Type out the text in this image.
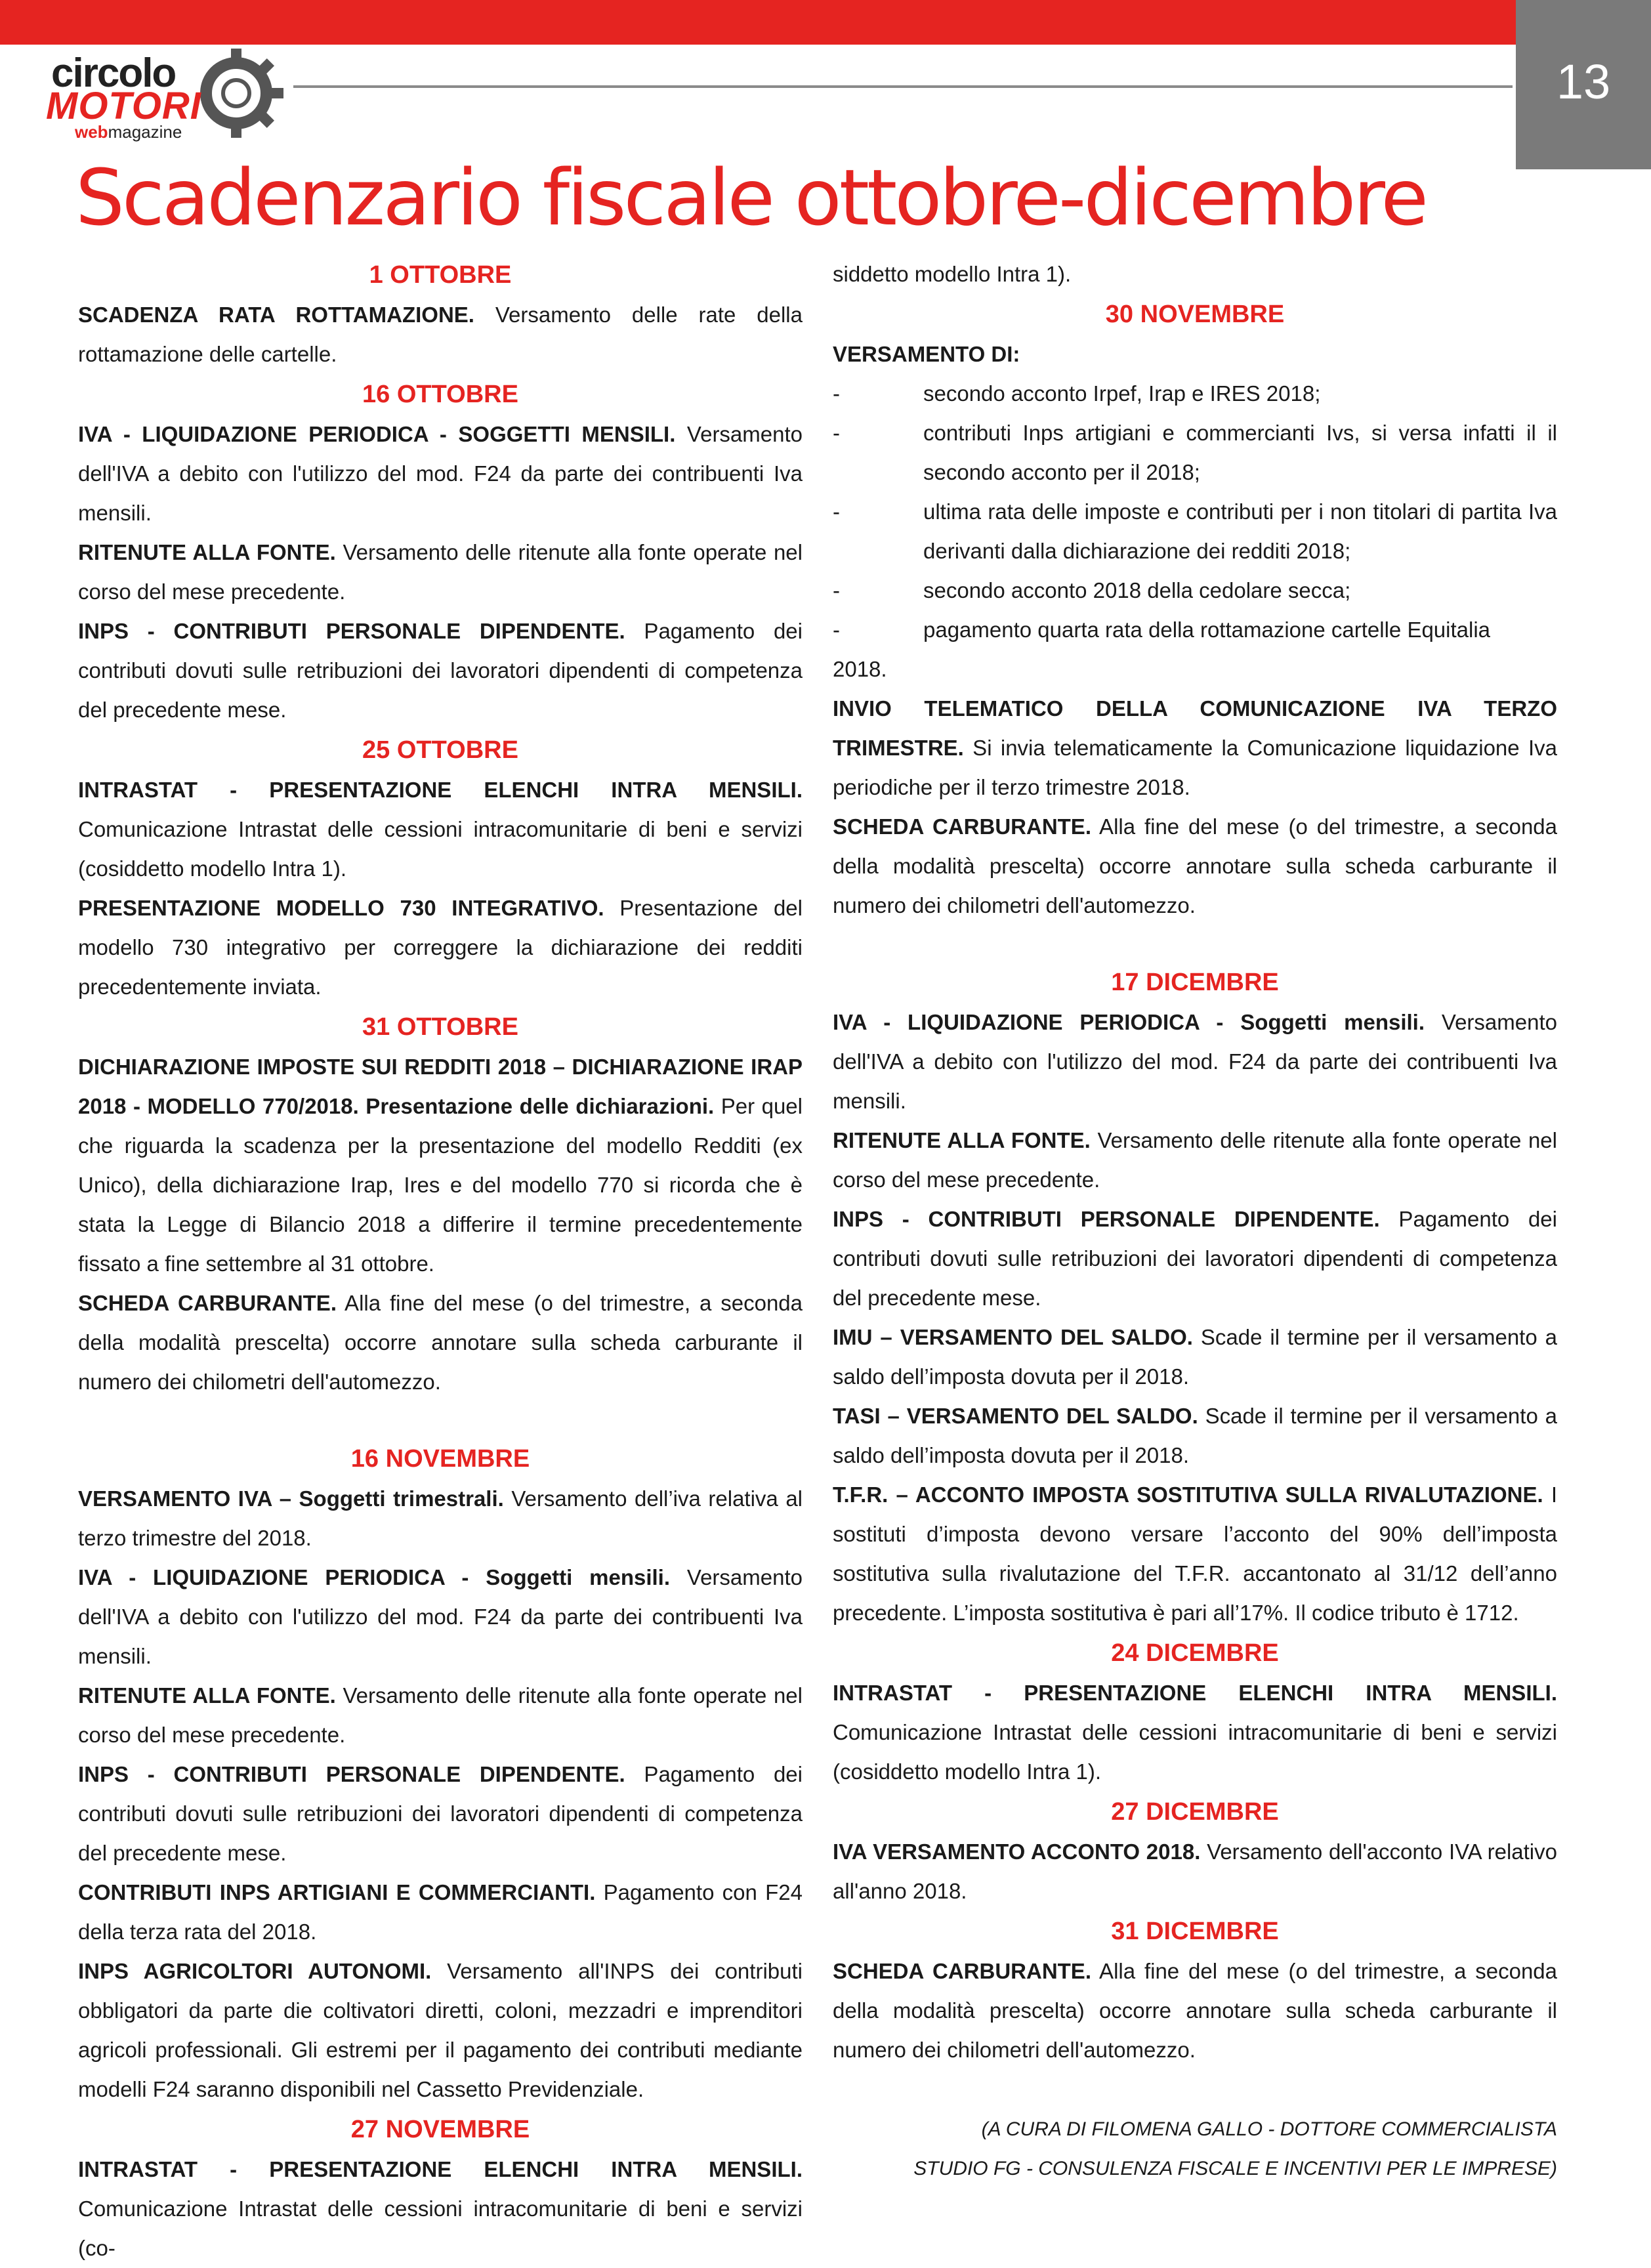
13
circolo
MOTORI
webmagazine
Scadenzario fiscale ottobre-dicembre
1 OTTOBRE

SCADENZA RATA ROTTAMAZIONE. Versamento delle rate della rottamazione delle cartelle.

16 OTTOBRE

IVA - LIQUIDAZIONE PERIODICA - SOGGETTI MENSILI. Versamento dell'IVA a debito con l'utilizzo del mod. F24 da parte dei contribuenti Iva mensili.

RITENUTE ALLA FONTE. Versamento delle ritenute alla fonte operate nel corso del mese precedente.

INPS - CONTRIBUTI PERSONALE DIPENDENTE. Pagamento dei contributi dovuti sulle retribuzioni dei lavoratori dipendenti di competenza del precedente mese.

25 OTTOBRE

INTRASTAT - PRESENTAZIONE ELENCHI INTRA MENSILI. Comunicazione Intrastat delle cessioni intracomunitarie di beni e servizi (cosiddetto modello Intra 1).

PRESENTAZIONE MODELLO 730 INTEGRATIVO. Presentazione del modello 730 integrativo per correggere la dichiarazione dei redditi precedentemente inviata.

31 OTTOBRE

DICHIARAZIONE IMPOSTE SUI REDDITI 2018 – DICHIARAZIONE IRAP 2018 - MODELLO 770/2018. Presentazione delle dichiarazioni. Per quel che riguarda la scadenza per la presentazione del modello Redditi (ex Unico), della dichiarazione Irap, Ires e del modello 770 si ricorda che è stata la Legge di Bilancio 2018 a differire il termine precedentemente fissato a fine settembre al 31 ottobre.

SCHEDA CARBURANTE. Alla fine del mese (o del trimestre, a seconda della modalità prescelta) occorre annotare sulla scheda carburante il numero dei chilometri dell'automezzo.

16 NOVEMBRE

VERSAMENTO IVA – Soggetti trimestrali. Versamento dell’iva relativa al terzo trimestre del 2018.

IVA - LIQUIDAZIONE PERIODICA - Soggetti mensili. Versamento dell'IVA a debito con l'utilizzo del mod. F24 da parte dei contribuenti Iva mensili.

RITENUTE ALLA FONTE. Versamento delle ritenute alla fonte operate nel corso del mese precedente.

INPS - CONTRIBUTI PERSONALE DIPENDENTE. Pagamento dei contributi dovuti sulle retribuzioni dei lavoratori dipendenti di competenza del precedente mese.

CONTRIBUTI INPS ARTIGIANI E COMMERCIANTI. Pagamento con F24 della terza rata del 2018.

INPS AGRICOLTORI AUTONOMI. Versamento all'INPS dei contributi obbligatori da parte die coltivatori diretti, coloni, mezzadri e imprenditori agricoli professionali. Gli estremi per il pagamento dei contributi mediante modelli F24 saranno disponibili nel Cassetto Previdenziale.

27 NOVEMBRE

INTRASTAT - PRESENTAZIONE ELENCHI INTRA MENSILI. Comunicazione Intrastat delle cessioni intracomunitarie di beni e servizi (co-

siddetto modello Intra 1).

30 NOVEMBRE

VERSAMENTO DI:

-	secondo acconto Irpef, Irap e IRES 2018;
-	contributi Inps artigiani e commercianti Ivs, si versa infatti il il secondo acconto per il 2018;
-	ultima rata delle imposte e contributi per i non titolari di partita Iva derivanti dalla dichiarazione dei redditi 2018;
-	secondo acconto 2018 della cedolare secca;
-	pagamento quarta rata della rottamazione cartelle Equitalia

2018.

INVIO TELEMATICO DELLA COMUNICAZIONE IVA TERZO TRIMESTRE. Si invia telematicamente la Comunicazione liquidazione Iva periodiche per il terzo trimestre 2018.

SCHEDA CARBURANTE. Alla fine del mese (o del trimestre, a seconda della modalità prescelta) occorre annotare sulla scheda carburante il numero dei chilometri dell'automezzo.

17 DICEMBRE

IVA - LIQUIDAZIONE PERIODICA - Soggetti mensili. Versamento dell'IVA a debito con l'utilizzo del mod. F24 da parte dei contribuenti Iva mensili.

RITENUTE ALLA FONTE. Versamento delle ritenute alla fonte operate nel corso del mese precedente.

INPS - CONTRIBUTI PERSONALE DIPENDENTE. Pagamento dei contributi dovuti sulle retribuzioni dei lavoratori dipendenti di competenza del precedente mese.

IMU – VERSAMENTO DEL SALDO. Scade il termine per il versamento a saldo dell’imposta dovuta per il 2018.

TASI – VERSAMENTO DEL SALDO. Scade il termine per il versamento a saldo dell’imposta dovuta per il 2018.

T.F.R. – ACCONTO IMPOSTA SOSTITUTIVA SULLA RIVALUTAZIONE. I sostituti d’imposta devono versare l’acconto del 90% dell’imposta sostitutiva sulla rivalutazione del T.F.R. accantonato al 31/12 dell’anno precedente. L’imposta sostitutiva è pari all’17%. Il codice tributo è 1712.

24 DICEMBRE

INTRASTAT - PRESENTAZIONE ELENCHI INTRA MENSILI. Comunicazione Intrastat delle cessioni intracomunitarie di beni e servizi (cosiddetto modello Intra 1).

27 DICEMBRE

IVA VERSAMENTO ACCONTO 2018. Versamento dell'acconto IVA relativo all'anno 2018.

31 DICEMBRE

SCHEDA CARBURANTE. Alla fine del mese (o del trimestre, a seconda della modalità prescelta) occorre annotare sulla scheda carburante il numero dei chilometri dell'automezzo.

(A CURA DI FILOMENA GALLO - DOTTORE COMMERCIALISTA
STUDIO FG - CONSULENZA FISCALE E INCENTIVI PER LE IMPRESE)
